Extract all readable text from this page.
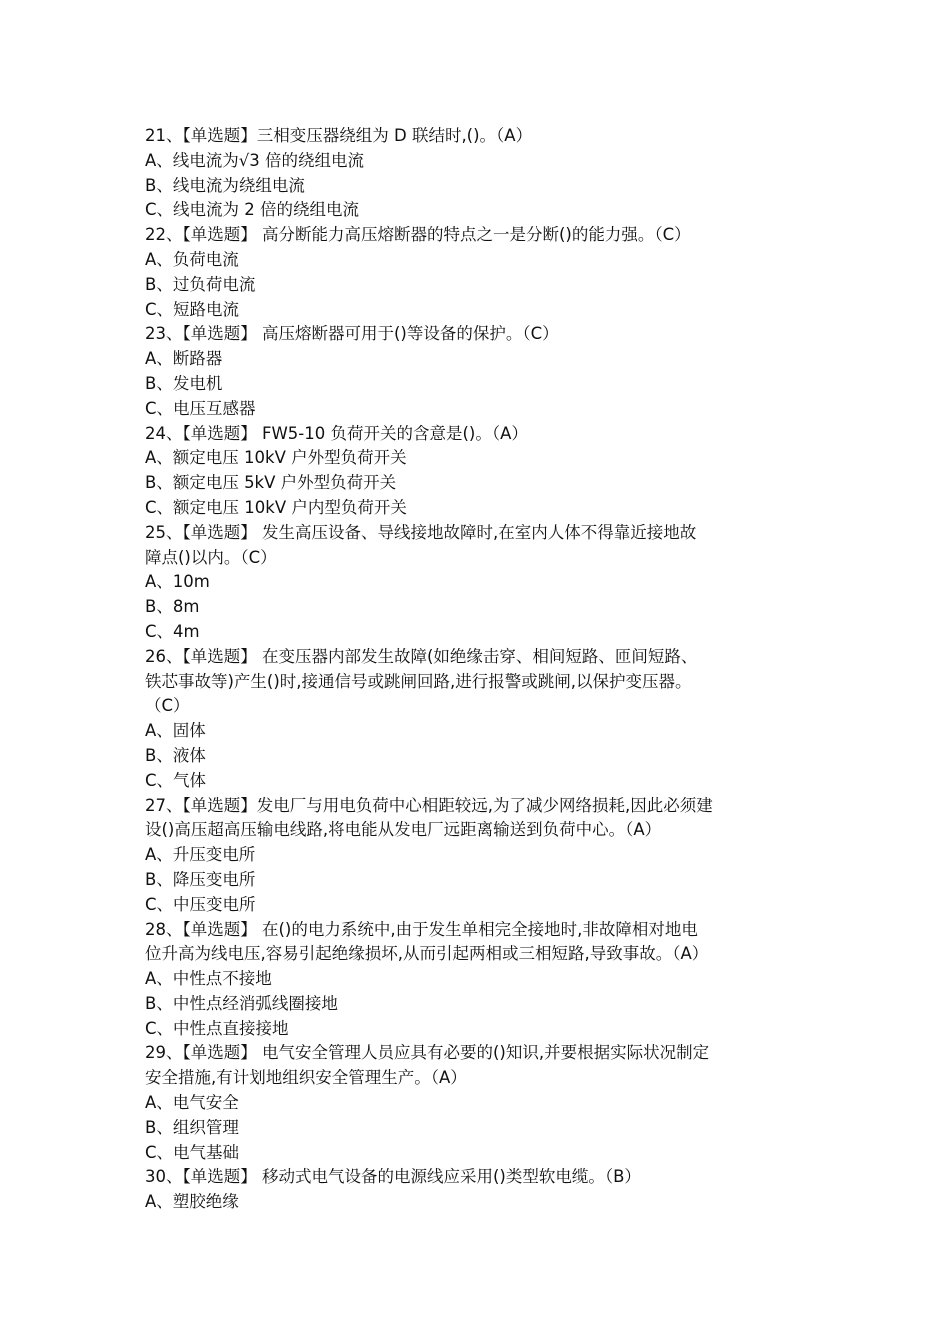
21、【单选题】三相变压器绕组为 D 联结时,()。（A）

A、线电流为√3 倍的绕组电流

B、线电流为绕组电流

C、线电流为 2 倍的绕组电流

22、【单选题】 高分断能力高压熔断器的特点之一是分断()的能力强。（C）

A、负荷电流

B、过负荷电流

C、短路电流

23、【单选题】 高压熔断器可用于()等设备的保护。（C）

A、断路器

B、发电机

C、电压互感器

24、【单选题】 FW5-10 负荷开关的含意是()。（A）

A、额定电压 10kV 户外型负荷开关

B、额定电压 5kV 户外型负荷开关

C、额定电压 10kV 户内型负荷开关

25、【单选题】 发生高压设备、导线接地故障时,在室内人体不得靠近接地故

障点()以内。（C）

A、10m

B、8m

C、4m

26、【单选题】 在变压器内部发生故障(如绝缘击穿、相间短路、匝间短路、

铁芯事故等)产生()时,接通信号或跳闸回路,进行报警或跳闸,以保护变压器。

（C）

A、固体

B、液体

C、气体

27、【单选题】发电厂与用电负荷中心相距较远,为了减少网络损耗,因此必须建

设()高压超高压输电线路,将电能从发电厂远距离输送到负荷中心。（A）

A、升压变电所

B、降压变电所

C、中压变电所

28、【单选题】 在()的电力系统中,由于发生单相完全接地时,非故障相对地电

位升高为线电压,容易引起绝缘损坏,从而引起两相或三相短路,导致事故。（A）

A、中性点不接地

B、中性点经消弧线圈接地

C、中性点直接接地

29、【单选题】 电气安全管理人员应具有必要的()知识,并要根据实际状况制定

安全措施,有计划地组织安全管理生产。（A）

A、电气安全

B、组织管理

C、电气基础

30、【单选题】 移动式电气设备的电源线应采用()类型软电缆。（B）

A、塑胶绝缘
